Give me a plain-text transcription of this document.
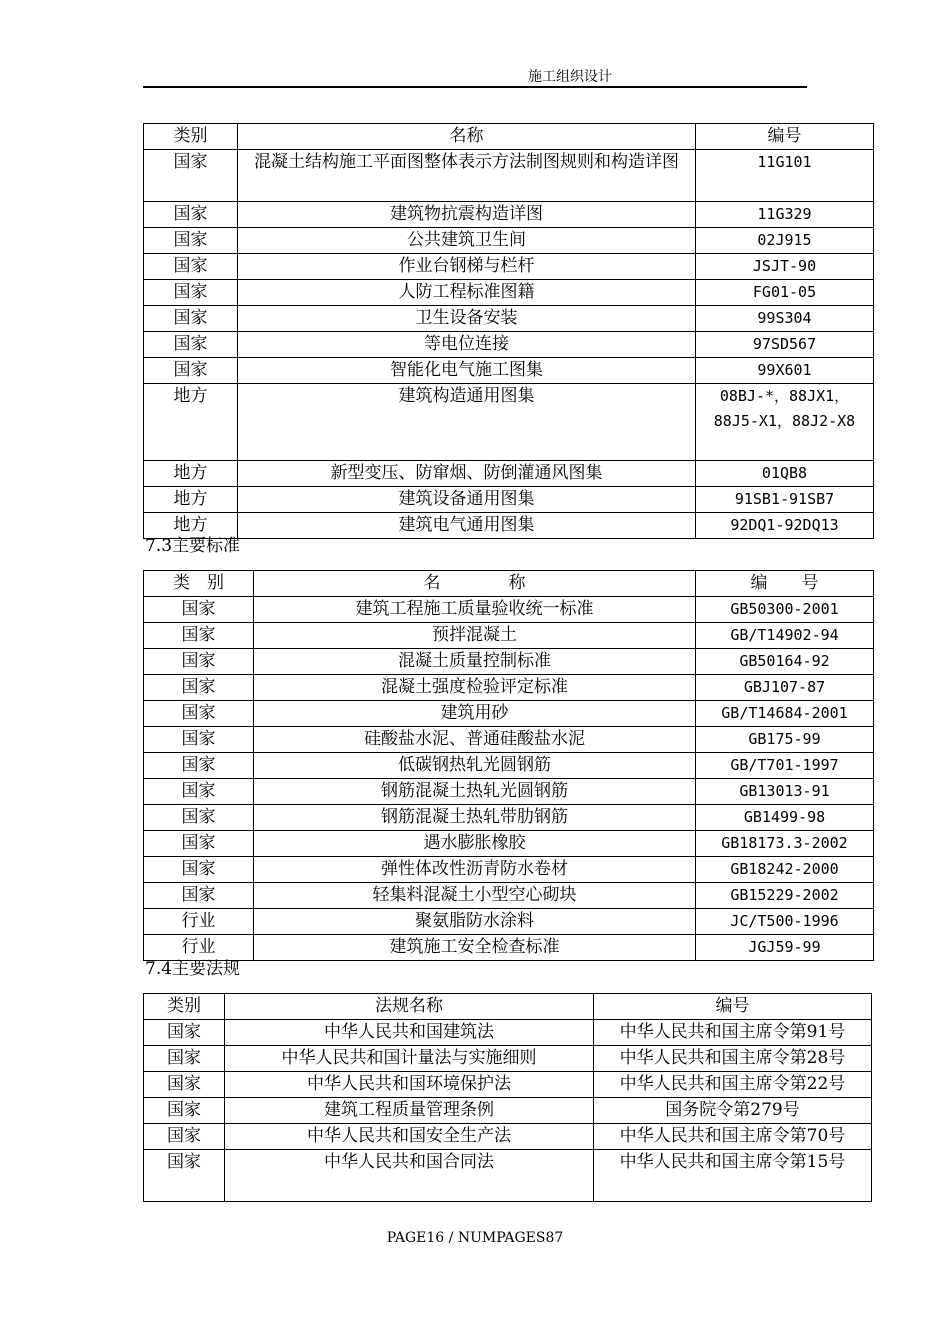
施工组织设计
类别	名称	编号
国家	混凝土结构施工平面图整体表示方法制图规则和构造详图	11G101
国家	建筑物抗震构造详图	11G329
国家	公共建筑卫生间	02J915
国家	作业台钢梯与栏杆	JSJT-90
国家	人防工程标准图籍	FG01-05
国家	卫生设备安装	99S304
国家	等电位连接	97SD567
国家	智能化电气施工图集	99X601
地方	建筑构造通用图集	08BJ-*，88JX1，88J5-X1，88J2-X8
地方	新型变压、防窜烟、防倒灌通风图集	01QB8
地方	建筑设备通用图集	91SB1-91SB7
地方	建筑电气通用图集	92DQ1-92DQ13
7.3主要标准
类　别	名　　　　称	编　　号
国家	建筑工程施工质量验收统一标准	GB50300-2001
国家	预拌混凝土	GB/T14902-94
国家	混凝土质量控制标准	GB50164-92
国家	混凝土强度检验评定标准	GBJ107-87
国家	建筑用砂	GB/T14684-2001
国家	硅酸盐水泥、普通硅酸盐水泥	GB175-99
国家	低碳钢热轧光圆钢筋	GB/T701-1997
国家	钢筋混凝土热轧光圆钢筋	GB13013-91
国家	钢筋混凝土热轧带肋钢筋	GB1499-98
国家	遇水膨胀橡胶	GB18173.3-2002
国家	弹性体改性沥青防水卷材	GB18242-2000
国家	轻集料混凝土小型空心砌块	GB15229-2002
行业	聚氨脂防水涂料	JC/T500-1996
行业	建筑施工安全检查标准	JGJ59-99
7.4主要法规
类别	法规名称	编号
国家	中华人民共和国建筑法	中华人民共和国主席令第91号
国家	中华人民共和国计量法与实施细则	中华人民共和国主席令第28号
国家	中华人民共和国环境保护法	中华人民共和国主席令第22号
国家	建筑工程质量管理条例	国务院令第279号
国家	中华人民共和国安全生产法	中华人民共和国主席令第70号
国家	中华人民共和国合同法	中华人民共和国主席令第15号
PAGE16 / NUMPAGES87
